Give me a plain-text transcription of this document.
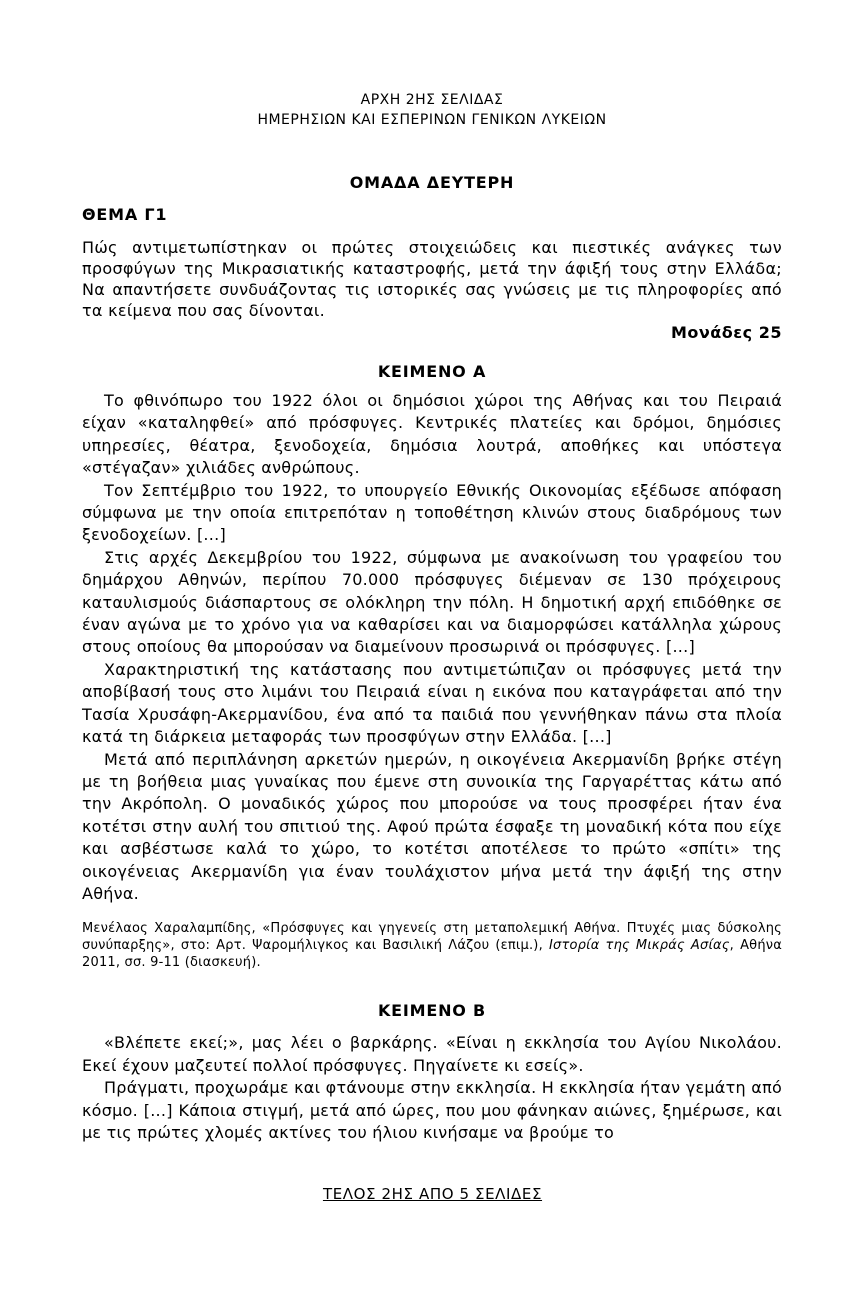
ΑΡΧΗ 2ΗΣ ΣΕΛΙΔΑΣ
ΗΜΕΡΗΣΙΩΝ ΚΑΙ ΕΣΠΕΡΙΝΩΝ ΓΕΝΙΚΩΝ ΛΥΚΕΙΩΝ
ΟΜΑΔΑ ΔΕΥΤΕΡΗ
ΘΕΜΑ Γ1
Πώς αντιμετωπίστηκαν οι πρώτες στοιχειώδεις και πιεστικές ανάγκες των προσφύγων της Μικρασιατικής καταστροφής, μετά την άφιξή τους στην Ελλάδα; Να απαντήσετε συνδυάζοντας τις ιστορικές σας γνώσεις με τις πληροφορίες από τα κείμενα που σας δίνονται.
Μονάδες 25
ΚΕΙΜΕΝΟ Α

Το φθινόπωρο του 1922 όλοι οι δημόσιοι χώροι της Αθήνας και του Πειραιά είχαν «καταληφθεί» από πρόσφυγες. Κεντρικές πλατείες και δρόμοι, δημόσιες υπηρεσίες, θέατρα, ξενοδοχεία, δημόσια λουτρά, αποθήκες και υπόστεγα «στέγαζαν» χιλιάδες ανθρώπους.

Τον Σεπτέμβριο του 1922, το υπουργείο Εθνικής Οικονομίας εξέδωσε απόφαση σύμφωνα με την οποία επιτρεπόταν η τοποθέτηση κλινών στους διαδρόμους των ξενοδοχείων. [...]

Στις αρχές Δεκεμβρίου του 1922, σύμφωνα με ανακοίνωση του γραφείου του δημάρχου Αθηνών, περίπου 70.000 πρόσφυγες διέμεναν σε 130 πρόχειρους καταυλισμούς διάσπαρτους σε ολόκληρη την πόλη. Η δημοτική αρχή επιδόθηκε σε έναν αγώνα με το χρόνο για να καθαρίσει και να διαμορφώσει κατάλληλα χώρους στους οποίους θα μπορούσαν να διαμείνουν προσωρινά οι πρόσφυγες. [...]

Χαρακτηριστική της κατάστασης που αντιμετώπιζαν οι πρόσφυγες μετά την αποβίβασή τους στο λιμάνι του Πειραιά είναι η εικόνα που καταγράφεται από την Τασία Χρυσάφη-Ακερμανίδου, ένα από τα παιδιά που γεννήθηκαν πάνω στα πλοία κατά τη διάρκεια μεταφοράς των προσφύγων στην Ελλάδα. [...]

Μετά από περιπλάνηση αρκετών ημερών, η οικογένεια Ακερμανίδη βρήκε στέγη με τη βοήθεια μιας γυναίκας που έμενε στη συνοικία της Γαργαρέττας κάτω από την Ακρόπολη. Ο μοναδικός χώρος που μπορούσε να τους προσφέρει ήταν ένα κοτέτσι στην αυλή του σπιτιού της. Αφού πρώτα έσφαξε τη μοναδική κότα που είχε και ασβέστωσε καλά το χώρο, το κοτέτσι αποτέλεσε το πρώτο «σπίτι» της οικογένειας Ακερμανίδη για έναν τουλάχιστον μήνα μετά την άφιξή της στην Αθήνα.

Μενέλαος Χαραλαμπίδης, «Πρόσφυγες και γηγενείς στη μεταπολεμική Αθήνα. Πτυχές μιας δύσκολης συνύπαρξης», στο: Αρτ. Ψαρομήλιγκος και Βασιλική Λάζου (επιμ.), Ιστορία της Μικράς Ασίας, Αθήνα 2011, σσ. 9-11 (διασκευή).
ΚΕΙΜΕΝΟ Β

«Βλέπετε εκεί;», μας λέει ο βαρκάρης. «Είναι η εκκλησία του Αγίου Νικολάου. Εκεί έχουν μαζευτεί πολλοί πρόσφυγες. Πηγαίνετε κι εσείς».

Πράγματι, προχωράμε και φτάνουμε στην εκκλησία. Η εκκλησία ήταν γεμάτη από κόσμο. [...] Κάποια στιγμή, μετά από ώρες, που μου φάνηκαν αιώνες, ξημέρωσε, και με τις πρώτες χλομές ακτίνες του ήλιου κινήσαμε να βρούμε το

ΤΕΛΟΣ 2ΗΣ ΑΠΟ 5 ΣΕΛΙΔΕΣ
